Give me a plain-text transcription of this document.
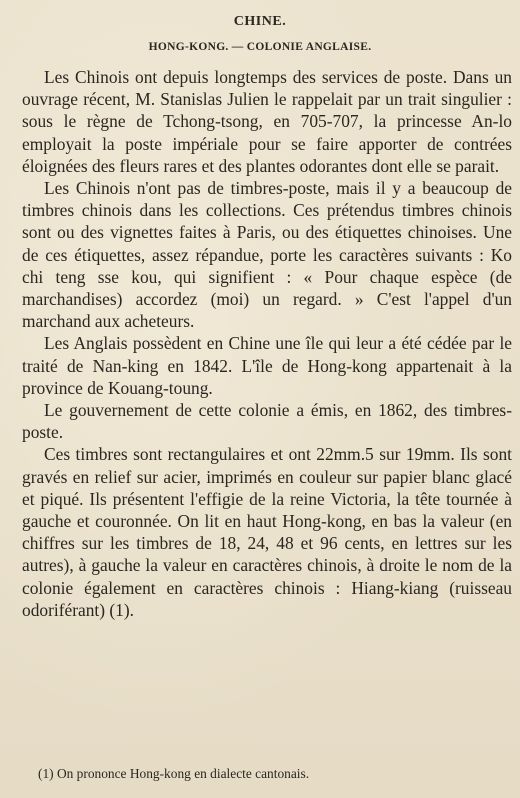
CHINE.
HONG-KONG. — COLONIE ANGLAISE.

Les Chinois ont depuis longtemps des services de poste. Dans un ouvrage récent, M. Stanislas Julien le rappelait par un trait singulier : sous le règne de Tchong-tsong, en 705-707, la princesse An-lo employait la poste impériale pour se faire apporter de contrées éloignées des fleurs rares et des plantes odorantes dont elle se parait.

Les Chinois n'ont pas de timbres-poste, mais il y a beaucoup de timbres chinois dans les collections. Ces prétendus timbres chinois sont ou des vignettes faites à Paris, ou des étiquettes chinoises. Une de ces étiquettes, assez répandue, porte les caractères suivants : Ko chi teng sse kou, qui signifient : « Pour chaque espèce (de marchandises) accordez (moi) un regard. » C'est l'appel d'un marchand aux acheteurs.

Les Anglais possèdent en Chine une île qui leur a été cédée par le traité de Nan-king en 1842. L'île de Hong-kong appartenait à la province de Kouang-toung.

Le gouvernement de cette colonie a émis, en 1862, des timbres-poste.

Ces timbres sont rectangulaires et ont 22mm.5 sur 19mm. Ils sont gravés en relief sur acier, imprimés en couleur sur papier blanc glacé et piqué. Ils présentent l'effigie de la reine Victoria, la tête tournée à gauche et couronnée. On lit en haut Hong-kong, en bas la valeur (en chiffres sur les timbres de 18, 24, 48 et 96 cents, en lettres sur les autres), à gauche la valeur en caractères chinois, à droite le nom de la colonie également en caractères chinois : Hiang-kiang (ruisseau odoriférant) (1).

(1) On prononce Hong-kong en dialecte cantonais.
